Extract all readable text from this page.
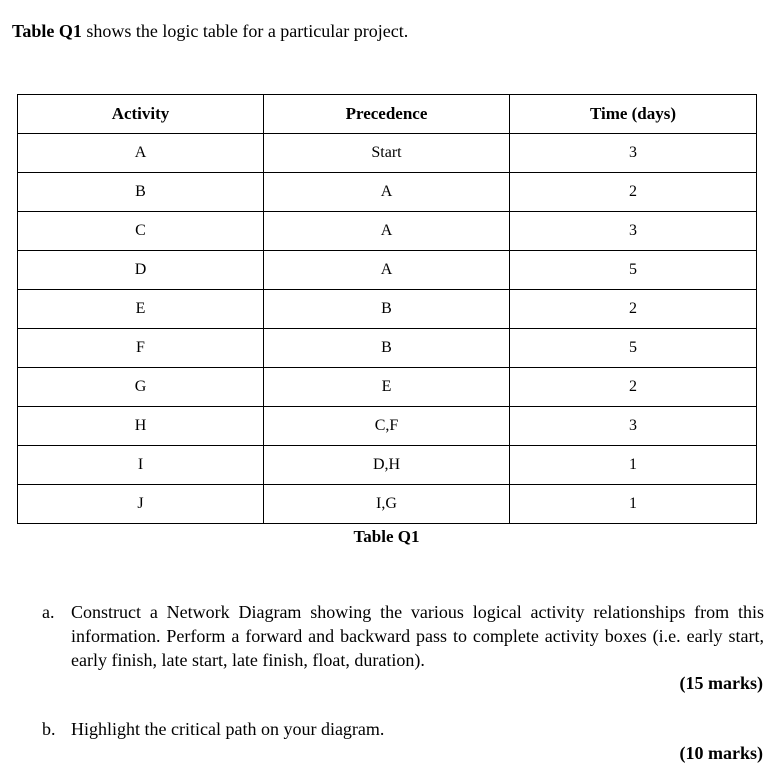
Table Q1 shows the logic table for a particular project.
Activity	Precedence	Time (days)
A	Start	3
B	A	2
C	A	3
D	A	5
E	B	2
F	B	5
G	E	2
H	C,F	3
I	D,H	1
J	I,G	1
Table Q1
a. Construct a Network Diagram showing the various logical activity relationships from this information. Perform a forward and backward pass to complete activity boxes (i.e. early start, early finish, late start, late finish, float, duration).
(15 marks)
b. Highlight the critical path on your diagram.
(10 marks)
